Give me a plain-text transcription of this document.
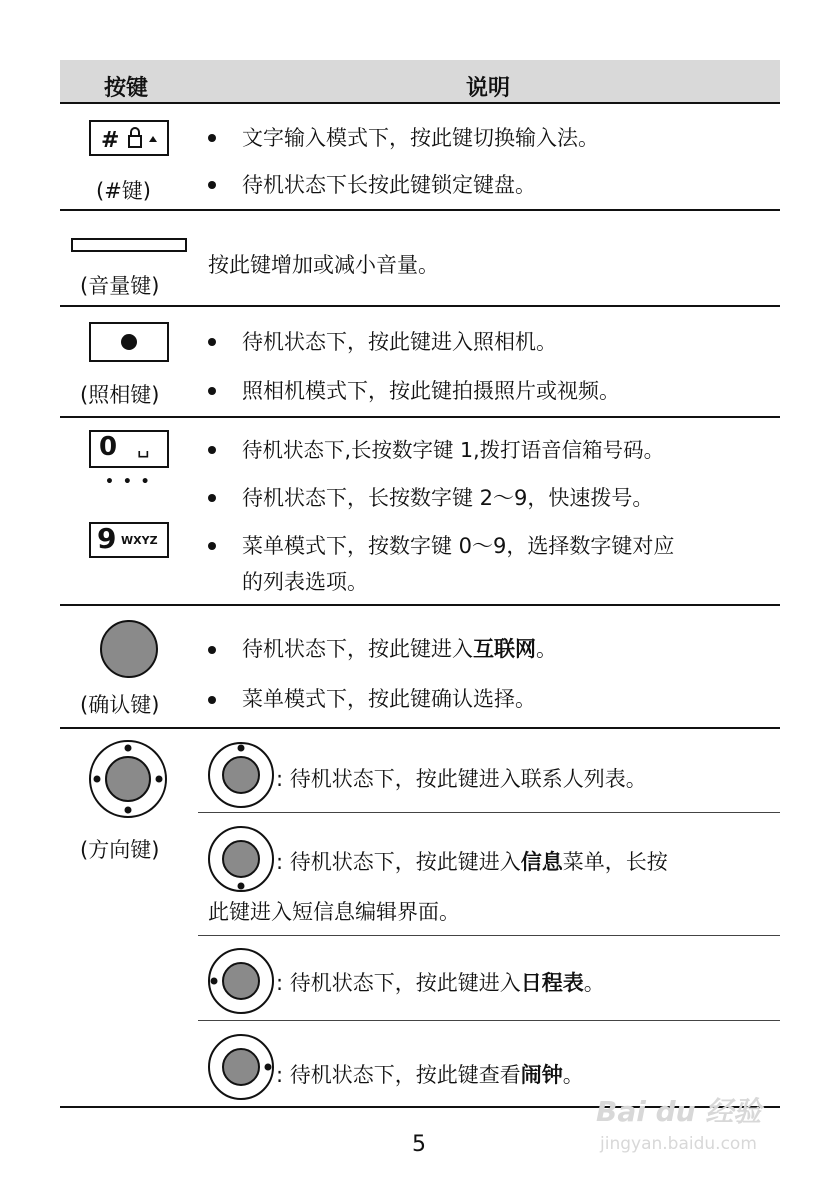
按键	说明
#
(#键)
文字输入模式下，按此键切换输入法。
待机状态下长按此键锁定键盘。
(音量键)
按此键增加或减小音量。
(照相键)
待机状态下，按此键进入照相机。
照相机模式下，按此键拍摄照片或视频。
0 ␣
• • •
9 WXYZ
待机状态下,长按数字键 1,拨打语音信箱号码。
待机状态下，长按数字键 2～9，快速拨号。
菜单模式下，按数字键 0～9，选择数字键对应
的列表选项。
(确认键)
待机状态下，按此键进入互联网。
菜单模式下，按此键确认选择。
(方向键)
: 待机状态下，按此键进入联系人列表。
: 待机状态下，按此键进入信息菜单，长按
此键进入短信息编辑界面。
: 待机状态下，按此键进入日程表。
: 待机状态下，按此键查看闹钟。
5
Bai du 经验
jingyan.baidu.com
